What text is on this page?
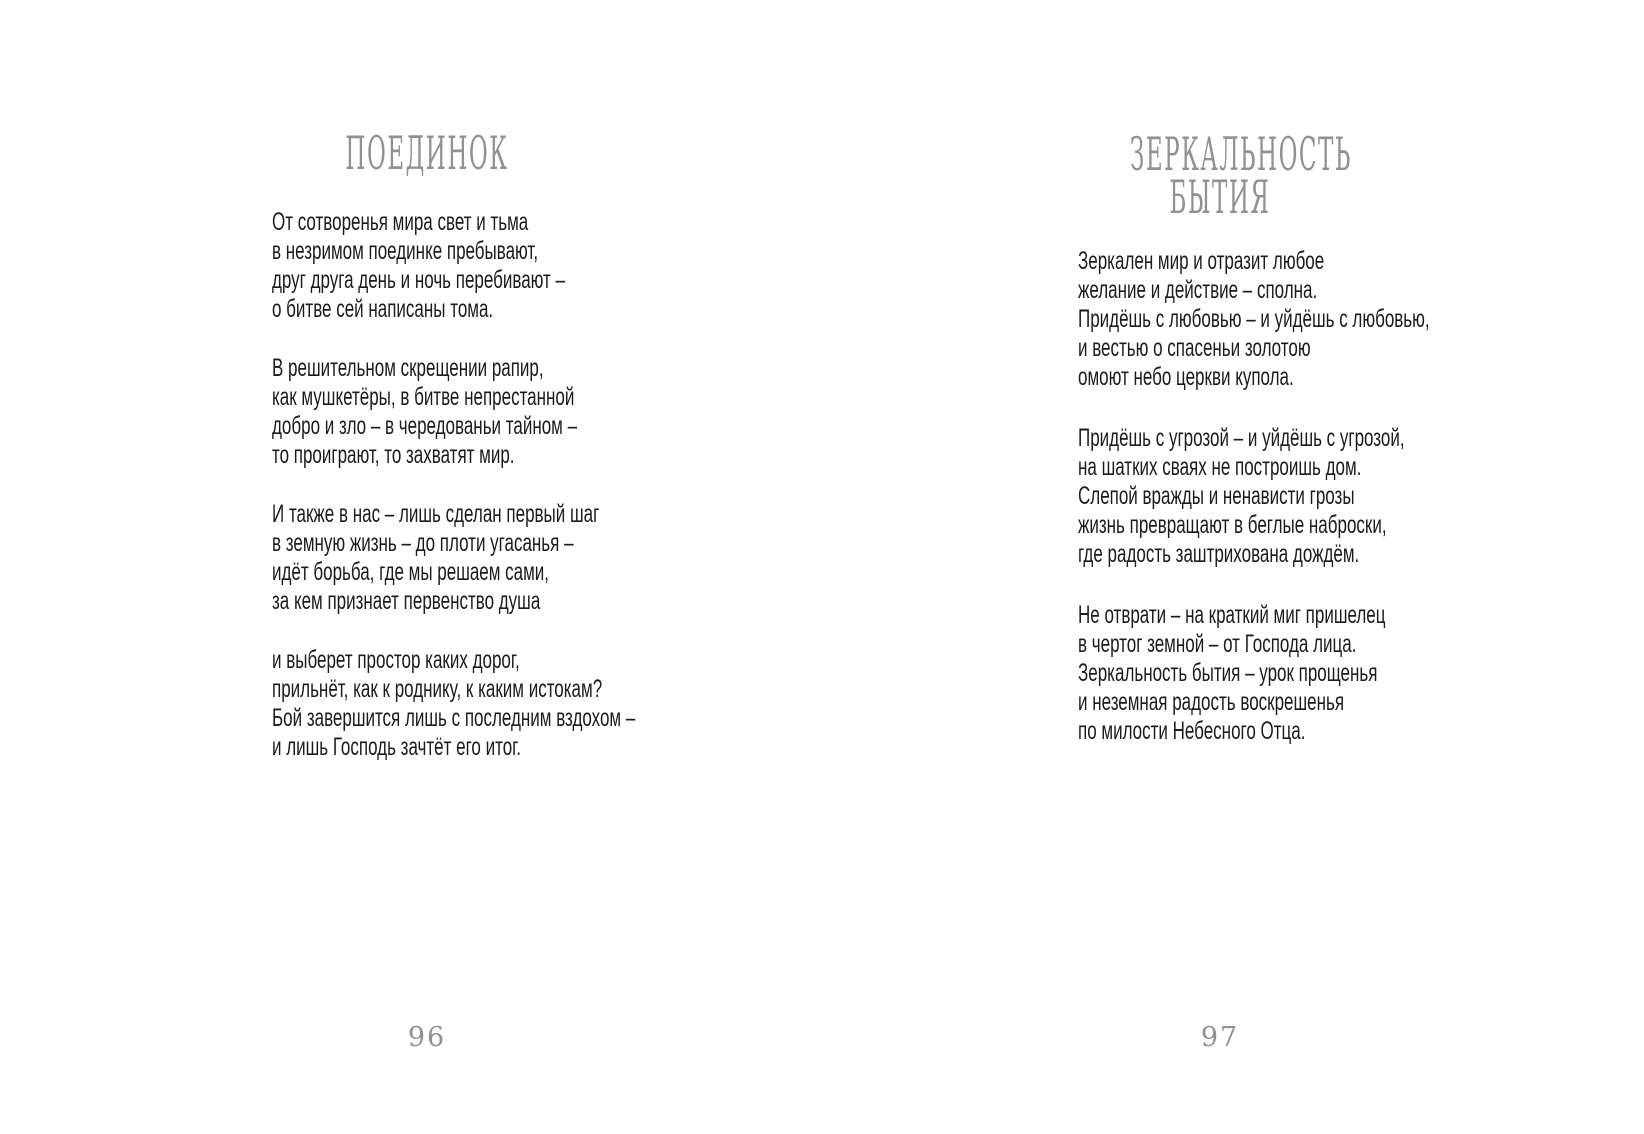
ПОЕДИНОК
От сотворенья мира свет и тьма
в незримом поединке пребывают,
друг друга день и ночь перебивают –
о битве сей написаны тома.
В решительном скрещении рапир,
как мушкетёры, в битве непрестанной
добро и зло – в чередованьи тайном –
то проиграют, то захватят мир.
И также в нас – лишь сделан первый шаг
в земную жизнь – до плоти угасанья –
идёт борьба, где мы решаем сами,
за кем признает первенство душа
и выберет простор каких дорог,
прильнёт, как к роднику, к каким истокам?
Бой завершится лишь с последним вздохом –
и лишь Господь зачтёт его итог.
96
ЗЕРКАЛЬНОСТЬ
БЫТИЯ
Зеркален мир и отразит любое
желание и действие – сполна.
Придёшь с любовью – и уйдёшь с любовью,
и вестью о спасеньи золотою
омоют небо церкви купола.
Придёшь с угрозой – и уйдёшь с угрозой,
на шатких сваях не построишь дом.
Слепой вражды и ненависти грозы
жизнь превращают в беглые наброски,
где радость заштрихована дождём.
Не отврати – на краткий миг пришелец
в чертог земной – от Господа лица.
Зеркальность бытия – урок прощенья
и неземная радость воскрешенья
по милости Небесного Отца.
97
